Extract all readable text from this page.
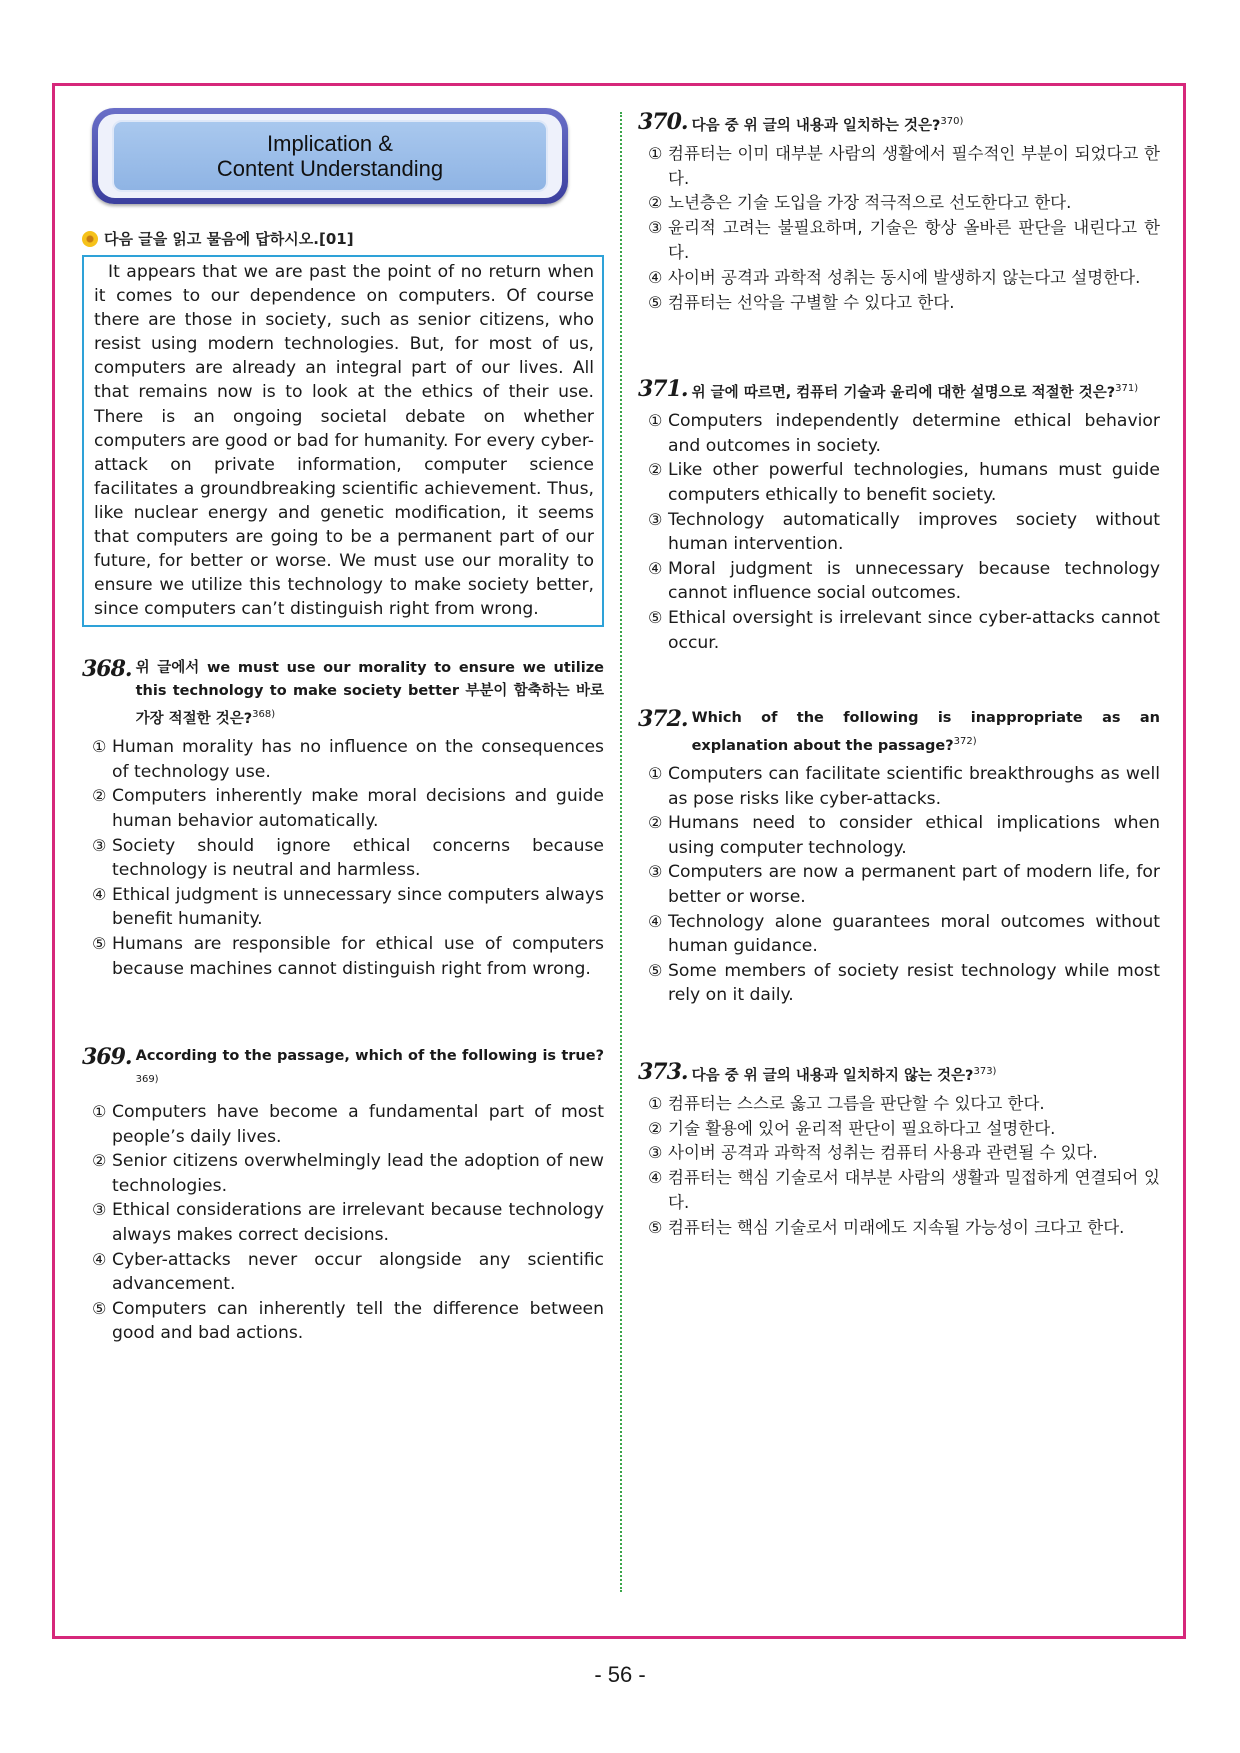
Implication &
Content Understanding
다음 글을 읽고 물음에 답하시오.[01]

It appears that we are past the point of no return when it comes to our dependence on computers. Of course there are those in society, such as senior citizens, who resist using modern technologies. But, for most of us, computers are already an integral part of our lives. All that remains now is to look at the ethics of their use. There is an ongoing societal debate on whether computers are good or bad for humanity. For every cyber-attack on private information, computer science facilitates a groundbreaking scientific achievement. Thus, like nuclear energy and genetic modification, it seems that computers are going to be a permanent part of our future, for better or worse. We must use our morality to ensure we utilize this technology to make society better, since computers can’t distinguish right from wrong.

368. 위 글에서 we must use our morality to ensure we utilize this technology to make society better 부분이 함축하는 바로 가장 적절한 것은?$^{368)}$
① Human morality has no influence on the consequences of technology use.
② Computers inherently make moral decisions and guide human behavior automatically.
③ Society should ignore ethical concerns because technology is neutral and harmless.
④ Ethical judgment is unnecessary since computers always benefit humanity.
⑤ Humans are responsible for ethical use of computers because machines cannot distinguish right from wrong.
369. According to the passage, which of the following is true?$^{369)}$
① Computers have become a fundamental part of most people’s daily lives.
② Senior citizens overwhelmingly lead the adoption of new technologies.
③ Ethical considerations are irrelevant because technology always makes correct decisions.
④ Cyber-attacks never occur alongside any scientific advancement.
⑤ Computers can inherently tell the difference between good and bad actions.
370. 다음 중 위 글의 내용과 일치하는 것은?$^{370)}$
① 컴퓨터는 이미 대부분 사람의 생활에서 필수적인 부분이 되었다고 한다.
② 노년층은 기술 도입을 가장 적극적으로 선도한다고 한다.
③ 윤리적 고려는 불필요하며, 기술은 항상 올바른 판단을 내린다고 한다.
④ 사이버 공격과 과학적 성취는 동시에 발생하지 않는다고 설명한다.
⑤ 컴퓨터는 선악을 구별할 수 있다고 한다.
371. 위 글에 따르면, 컴퓨터 기술과 윤리에 대한 설명으로 적절한 것은?$^{371)}$
① Computers independently determine ethical behavior and outcomes in society.
② Like other powerful technologies, humans must guide computers ethically to benefit society.
③ Technology automatically improves society without human intervention.
④ Moral judgment is unnecessary because technology cannot influence social outcomes.
⑤ Ethical oversight is irrelevant since cyber-attacks cannot occur.
372. Which of the following is inappropriate as an explanation about the passage?$^{372)}$
① Computers can facilitate scientific breakthroughs as well as pose risks like cyber-attacks.
② Humans need to consider ethical implications when using computer technology.
③ Computers are now a permanent part of modern life, for better or worse.
④ Technology alone guarantees moral outcomes without human guidance.
⑤ Some members of society resist technology while most rely on it daily.
373. 다음 중 위 글의 내용과 일치하지 않는 것은?$^{373)}$
① 컴퓨터는 스스로 옳고 그름을 판단할 수 있다고 한다.
② 기술 활용에 있어 윤리적 판단이 필요하다고 설명한다.
③ 사이버 공격과 과학적 성취는 컴퓨터 사용과 관련될 수 있다.
④ 컴퓨터는 핵심 기술로서 대부분 사람의 생활과 밀접하게 연결되어 있다.
⑤ 컴퓨터는 핵심 기술로서 미래에도 지속될 가능성이 크다고 한다.
- 56 -
